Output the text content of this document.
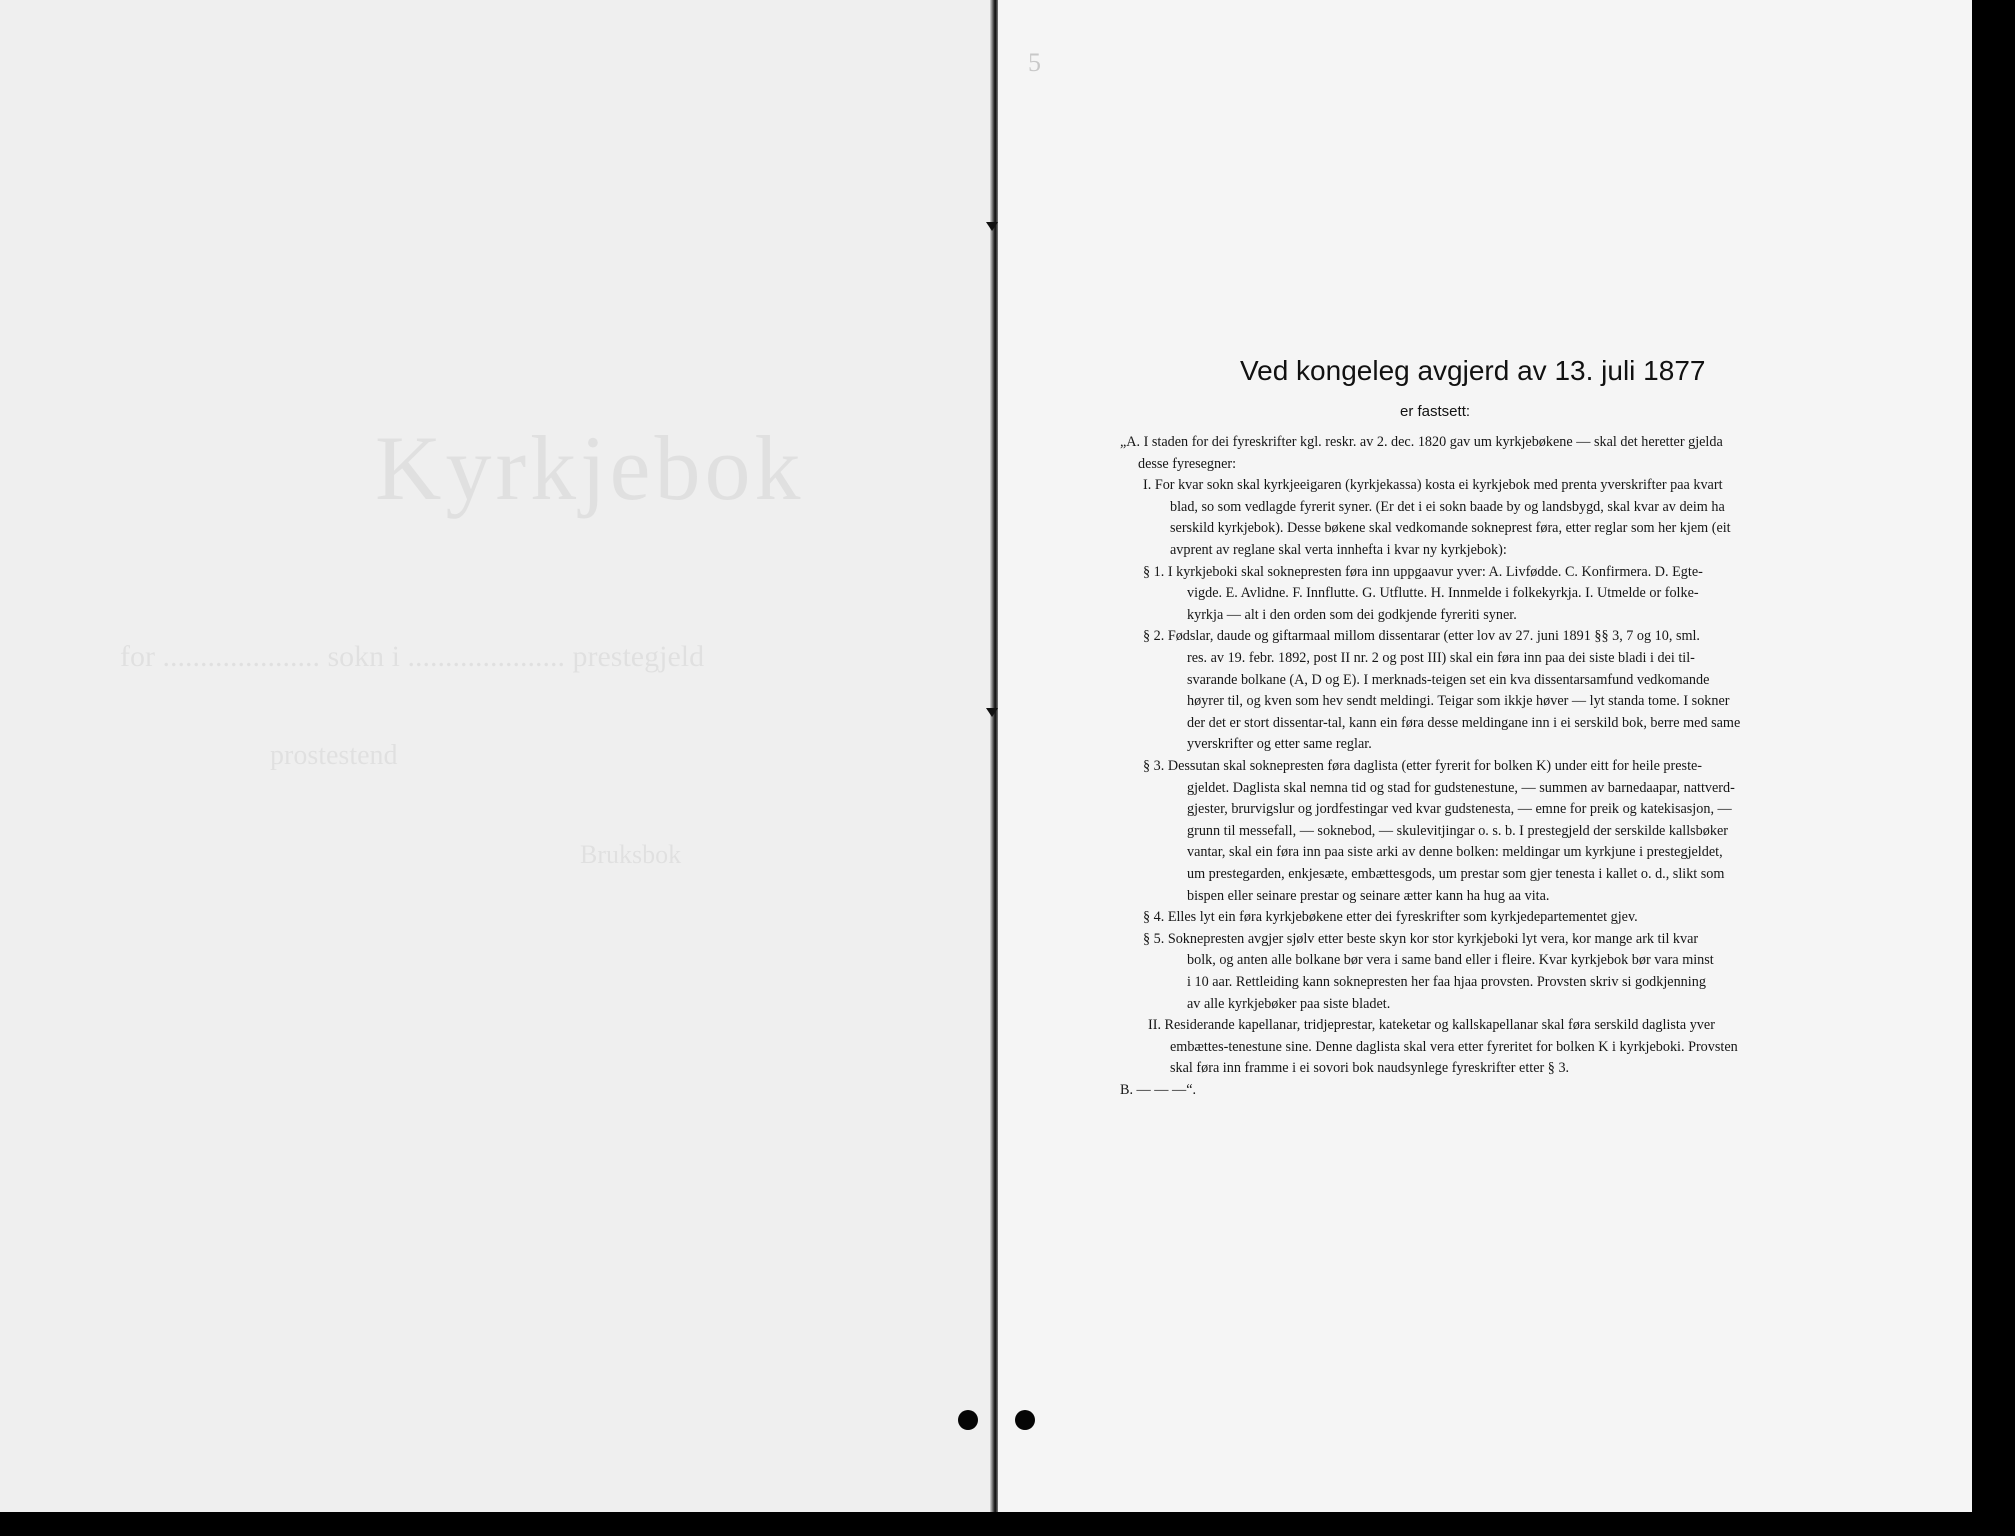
Kyrkjebok
for ..................... sokn i ..................... prestegjeld
prostestend
Bruksbok
5
Ved kongeleg avgjerd av 13. juli 1877
er fastsett:
„A. I staden for dei fyreskrifter kgl. reskr. av 2. dec. 1820 gav um kyrkjebøkene — skal det heretter gjelda
desse fyresegner:
I. For kvar sokn skal kyrkjeeigaren (kyrkjekassa) kosta ei kyrkjebok med prenta yverskrifter paa kvart
blad, so som vedlagde fyrerit syner. (Er det i ei sokn baade by og landsbygd, skal kvar av deim ha
serskild kyrkjebok). Desse bøkene skal vedkomande sokneprest føra, etter reglar som her kjem (eit
avprent av reglane skal verta innhefta i kvar ny kyrkjebok):
§ 1. I kyrkjeboki skal soknepresten føra inn uppgaavur yver: A. Livfødde. C. Konfirmera. D. Egte-
vigde. E. Avlidne. F. Innflutte. G. Utflutte. H. Innmelde i folkekyrkja. I. Utmelde or folke-
kyrkja — alt i den orden som dei godkjende fyreriti syner.
§ 2. Fødslar, daude og giftarmaal millom dissentarar (etter lov av 27. juni 1891 §§ 3, 7 og 10, sml.
res. av 19. febr. 1892, post II nr. 2 og post III) skal ein føra inn paa dei siste bladi i dei til-
svarande bolkane (A, D og E). I merknads-teigen set ein kva dissentarsamfund vedkomande
høyrer til, og kven som hev sendt meldingi. Teigar som ikkje høver — lyt standa tome. I sokner
der det er stort dissentar-tal, kann ein føra desse meldingane inn i ei serskild bok, berre med same
yverskrifter og etter same reglar.
§ 3. Dessutan skal soknepresten føra daglista (etter fyrerit for bolken K) under eitt for heile preste-
gjeldet. Daglista skal nemna tid og stad for gudstenestune, — summen av barnedaapar, nattverd-
gjester, brurvigslur og jordfestingar ved kvar gudstenesta, — emne for preik og katekisasjon, —
grunn til messefall, — soknebod, — skulevitjingar o. s. b. I prestegjeld der serskilde kallsbøker
vantar, skal ein føra inn paa siste arki av denne bolken: meldingar um kyrkjune i prestegjeldet,
um prestegarden, enkjesæte, embættesgods, um prestar som gjer tenesta i kallet o. d., slikt som
bispen eller seinare prestar og seinare ætter kann ha hug aa vita.
§ 4. Elles lyt ein føra kyrkjebøkene etter dei fyreskrifter som kyrkjedepartementet gjev.
§ 5. Soknepresten avgjer sjølv etter beste skyn kor stor kyrkjeboki lyt vera, kor mange ark til kvar
bolk, og anten alle bolkane bør vera i same band eller i fleire. Kvar kyrkjebok bør vara minst
i 10 aar. Rettleiding kann soknepresten her faa hjaa provsten. Provsten skriv si godkjenning
av alle kyrkjebøker paa siste bladet.
II. Residerande kapellanar, tridjeprestar, kateketar og kallskapellanar skal føra serskild daglista yver
embættes-tenestune sine. Denne daglista skal vera etter fyreritet for bolken K i kyrkjeboki. Provsten
skal føra inn framme i ei sovori bok naudsynlege fyreskrifter etter § 3.
B. — — —“.
